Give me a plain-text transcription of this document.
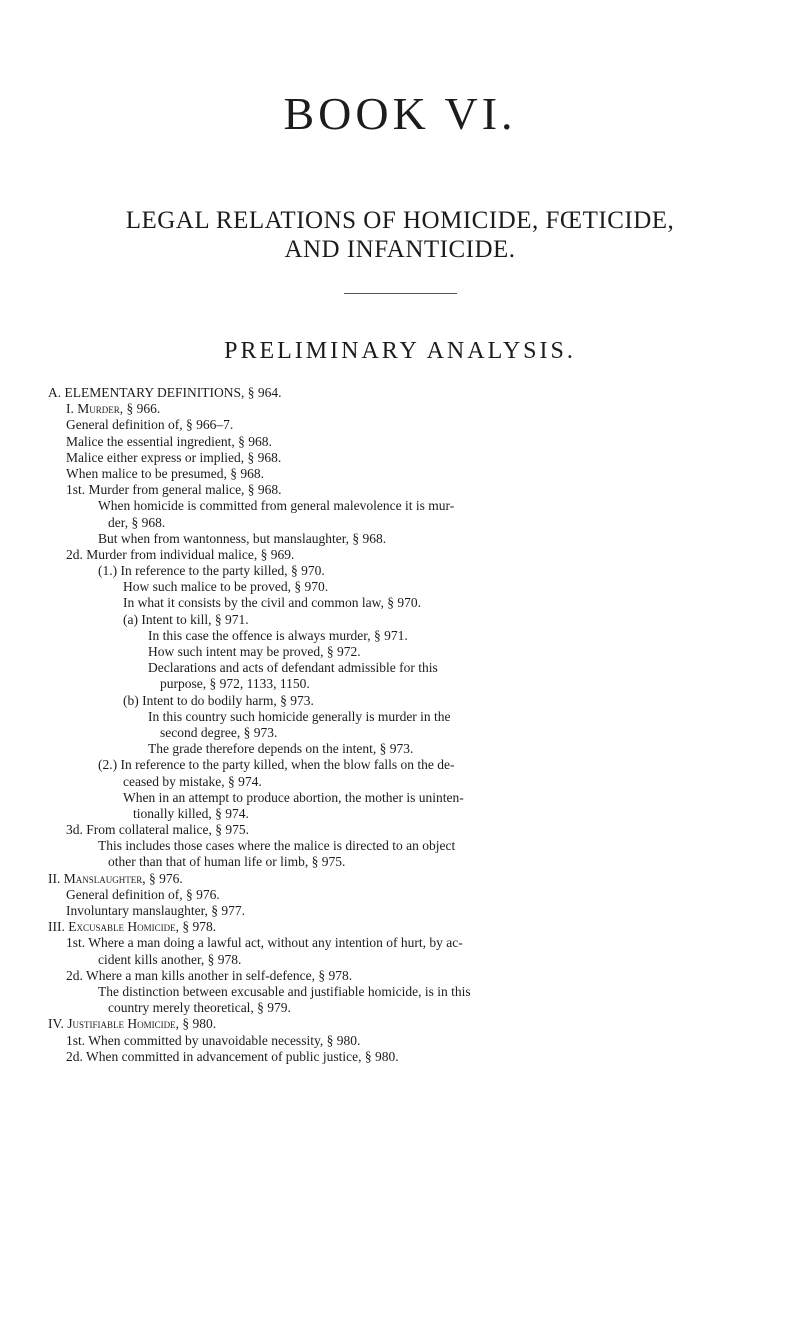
BOOK VI.
LEGAL RELATIONS OF HOMICIDE, FŒTICIDE,
AND INFANTICIDE.
PRELIMINARY ANALYSIS.
A. ELEMENTARY DEFINITIONS, § 964.
I. Murder, § 966.
General definition of, § 966–7.
Malice the essential ingredient, § 968.
Malice either express or implied, § 968.
When malice to be presumed, § 968.
1st. Murder from general malice, § 968.
When homicide is committed from general malevolence it is mur-
der, § 968.
But when from wantonness, but manslaughter, § 968.
2d. Murder from individual malice, § 969.
(1.) In reference to the party killed, § 970.
How such malice to be proved, § 970.
In what it consists by the civil and common law, § 970.
(a) Intent to kill, § 971.
In this case the offence is always murder, § 971.
How such intent may be proved, § 972.
Declarations and acts of defendant admissible for this
purpose, § 972, 1133, 1150.
(b) Intent to do bodily harm, § 973.
In this country such homicide generally is murder in the
second degree, § 973.
The grade therefore depends on the intent, § 973.
(2.) In reference to the party killed, when the blow falls on the de-
ceased by mistake, § 974.
When in an attempt to produce abortion, the mother is uninten-
tionally killed, § 974.
3d. From collateral malice, § 975.
This includes those cases where the malice is directed to an object
other than that of human life or limb, § 975.
II. Manslaughter, § 976.
General definition of, § 976.
Involuntary manslaughter, § 977.
III. Excusable Homicide, § 978.
1st. Where a man doing a lawful act, without any intention of hurt, by ac-
cident kills another, § 978.
2d. Where a man kills another in self-defence, § 978.
The distinction between excusable and justifiable homicide, is in this
country merely theoretical, § 979.
IV. Justifiable Homicide, § 980.
1st. When committed by unavoidable necessity, § 980.
2d. When committed in advancement of public justice, § 980.
